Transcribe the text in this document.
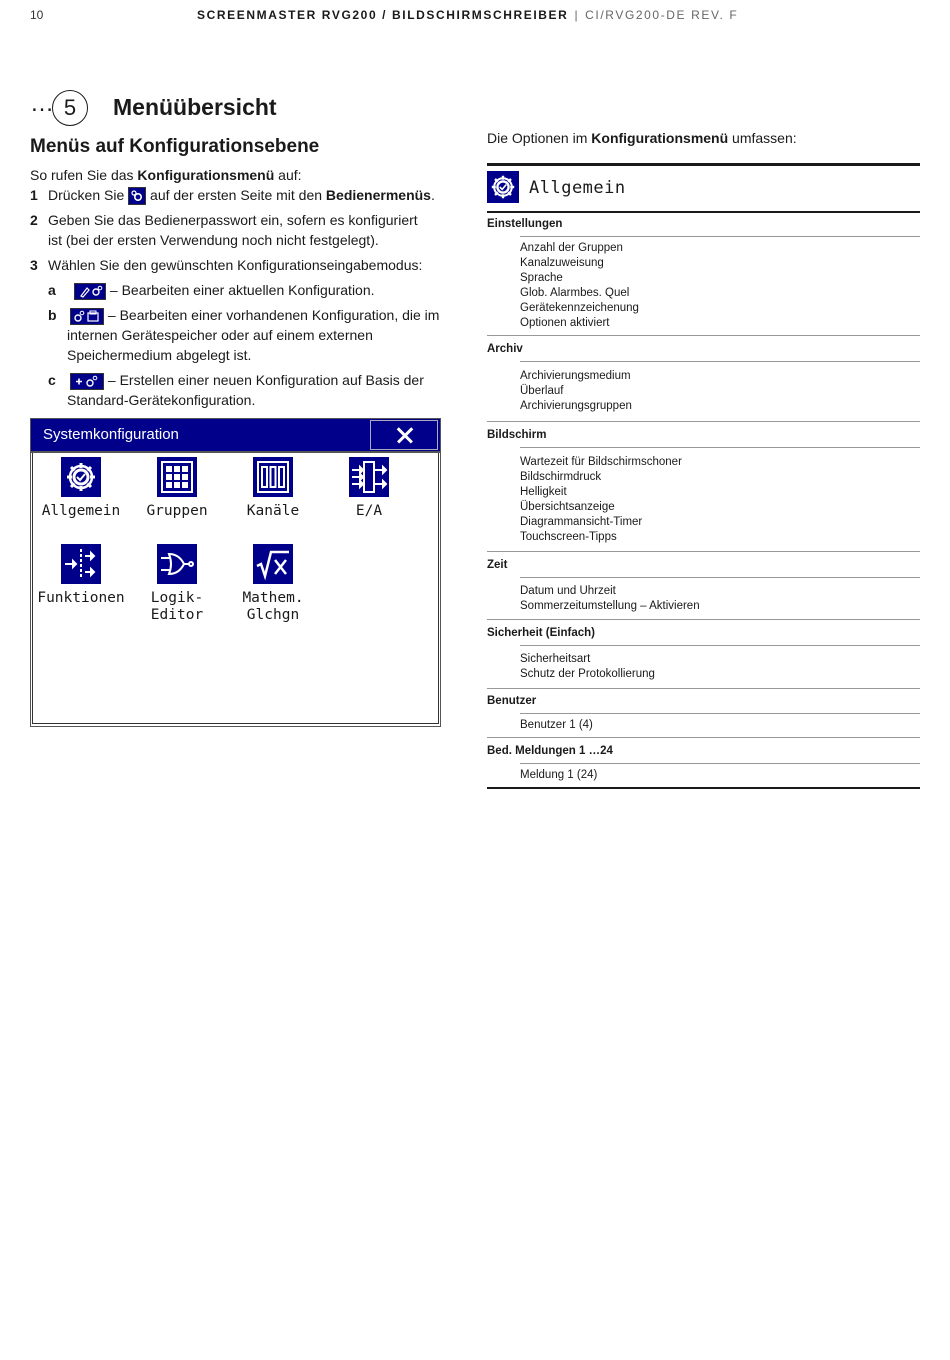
10	SCREENMASTER RVG200 / BILDSCHIRMSCHREIBER | CI/RVG200-DE REV. F
… 5	Menüübersicht
Menüs auf Konfigurationsebene
So rufen Sie das Konfigurationsmenü auf:
1 Drücken Sie
auf der ersten Seite mit den Bedienermenüs.
2 Geben Sie das Bedienerpasswort ein, sofern es konfiguriert
ist (bei der ersten Verwendung noch nicht festgelegt).
3 Wählen Sie den gewünschten Konfigurationseingabemodus:
a	– Bearbeiten einer aktuellen Konfiguration.
b	– Bearbeiten einer vorhandenen Konfiguration, die im
internen Gerätespeicher oder auf einem externen
Speichermedium abgelegt ist.
c	– Erstellen einer neuen Konfiguration auf Basis der
Standard-Gerätekonfiguration.
Systemkonfiguration
Allgemein	Gruppen	Kanäle	E/A
Funktionen	Logik-
Editor
Mathem.
Glchgn
Die Optionen im Konfigurationsmenü umfassen:
Allgemein
Einstellungen
Anzahl der Gruppen
Kanalzuweisung
Sprache
Glob. Alarmbes. Quel
Gerätekennzeichenung
Optionen aktiviert
Archiv
Archivierungsmedium
Überlauf
Archivierungsgruppen
Bildschirm
Wartezeit für Bildschirmschoner
Bildschirmdruck
Helligkeit
Übersichtsanzeige
Diagrammansicht-Timer
Touchscreen-Tipps
Zeit
Datum und Uhrzeit
Sommerzeitumstellung – Aktivieren
Sicherheit (Einfach)
Sicherheitsart
Schutz der Protokollierung
Benutzer
Benutzer 1 (4)
Bed. Meldungen 1 …24
Meldung 1 (24)
